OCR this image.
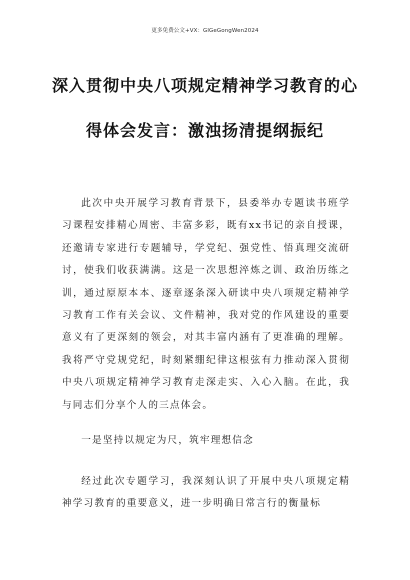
更多免费公文+VX：GlGeGongWen2024
深入贯彻中央八项规定精神学习教育的心
得体会发言：激浊扬清提纲振纪

此次中央开展学习教育背景下，县委举办专题读书班学习课程安排精心周密、丰富多彩，既有xx书记的亲自授课，还邀请专家进行专题辅导，学党纪、强党性、悟真理交流研讨，使我们收获满满。这是一次思想淬炼之训、政治历练之训，通过原原本本、逐章逐条深入研读中央八项规定精神学习教育工作有关会议、文件精神，我对党的作风建设的重要意义有了更深刻的领会，对其丰富内涵有了更准确的理解。我将严守党规党纪，时刻紧绷纪律这根弦有力推动深入贯彻中央八项规定精神学习教育走深走实、入心入脑。在此，我与同志们分享个人的三点体会。

一是坚持以规定为尺，筑牢理想信念

经过此次专题学习，我深刻认识了开展中央八项规定精神学习教育的重要意义，进一步明确日常言行的衡量标
